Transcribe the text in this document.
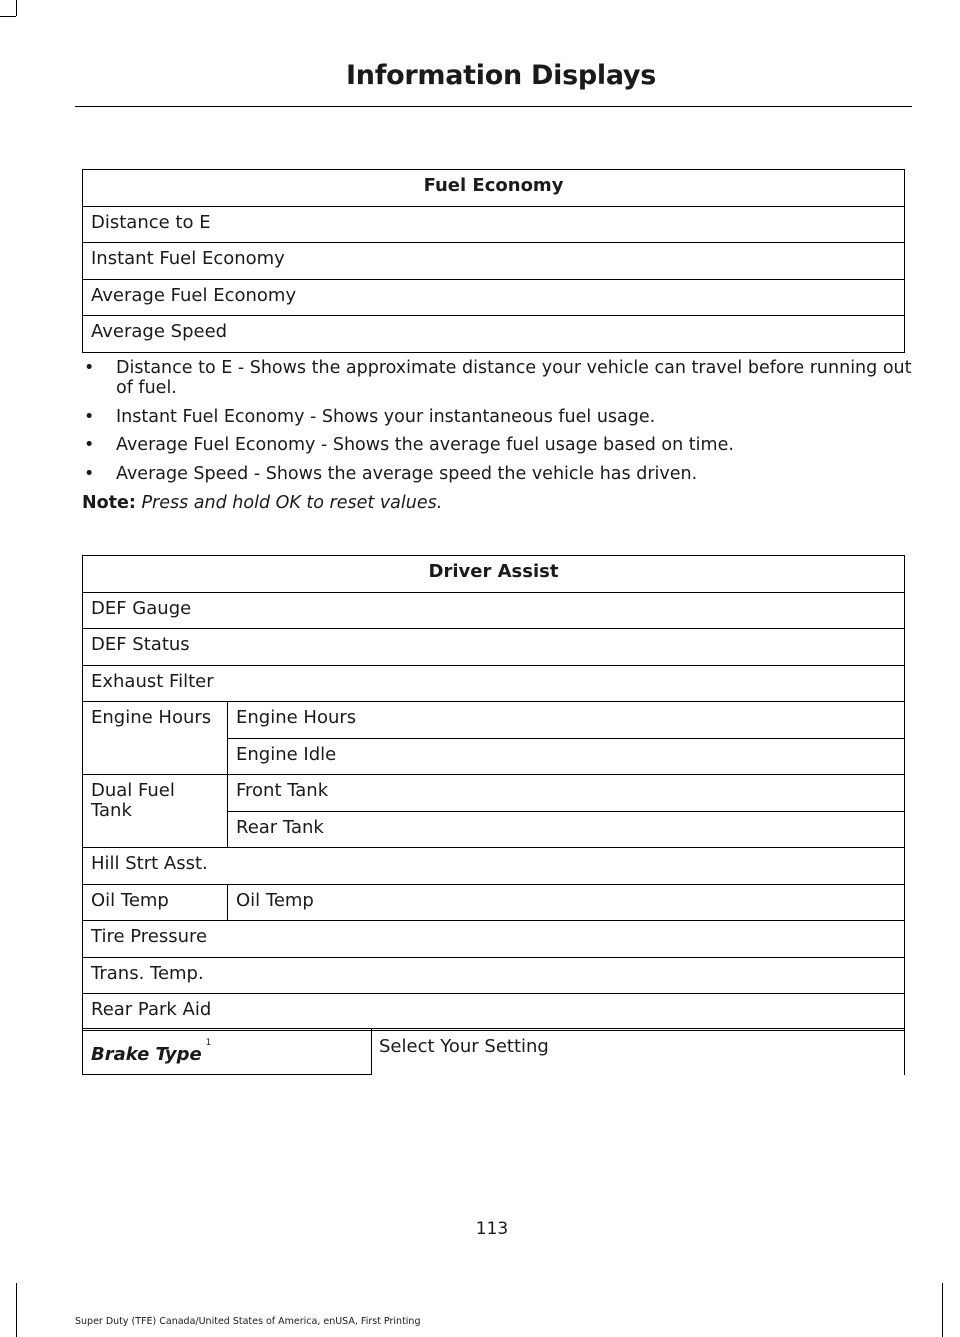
Information Displays
Fuel Economy
Distance to E
Instant Fuel Economy
Average Fuel Economy
Average Speed
• Distance to E - Shows the approximate distance your vehicle can travel before running out of fuel.
• Instant Fuel Economy - Shows your instantaneous fuel usage.
• Average Fuel Economy - Shows the average fuel usage based on time.
• Average Speed - Shows the average speed the vehicle has driven.
Note: Press and hold OK to reset values.
Driver Assist	
DEF Gauge	
DEF Status	
Exhaust Filter	
Engine Hours	Engine Hours
	Engine Idle
Dual Fuel Tank	Front Tank
	Rear Tank
Hill Strt Asst.	
Oil Temp	Oil Temp
Tire Pressure	
Trans. Temp.	
Rear Park Aid	
Brake Type$^1$	Select Your Setting
113
Super Duty (TFE) Canada/United States of America, enUSA, First Printing
